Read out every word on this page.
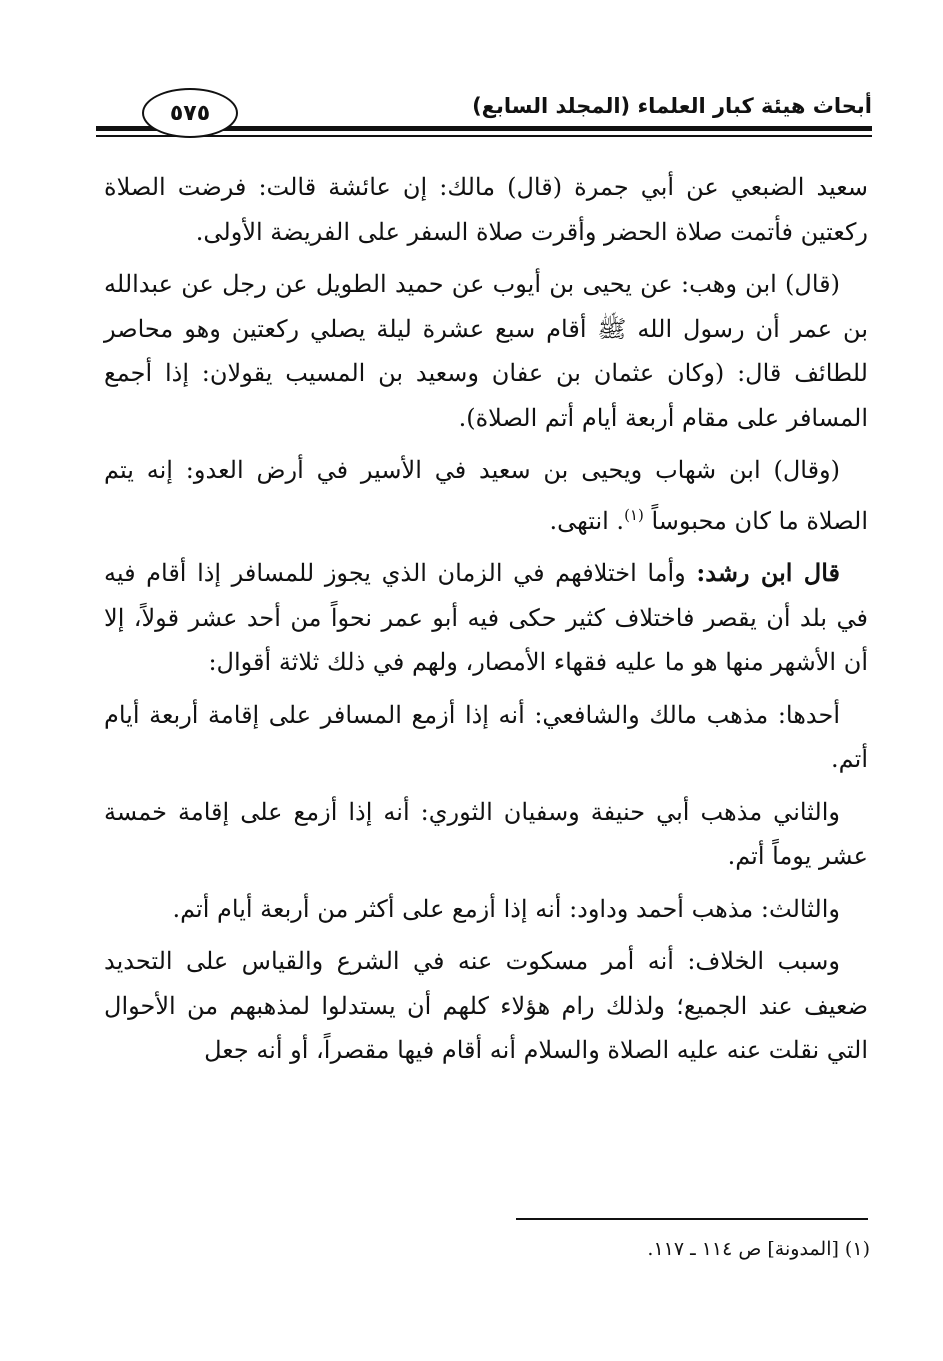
أبحاث هيئة كبار العلماء (المجلد السابع)
٥٧٥

سعيد الضبعي عن أبي جمرة (قال) مالك: إن عائشة قالت: فرضت الصلاة ركعتين فأتمت صلاة الحضر وأقرت صلاة السفر على الفريضة الأولى.

(قال) ابن وهب: عن يحيى بن أيوب عن حميد الطويل عن رجل عن عبدالله بن عمر أن رسول الله ﷺ أقام سبع عشرة ليلة يصلي ركعتين وهو محاصر للطائف قال: (وكان عثمان بن عفان وسعيد بن المسيب يقولان: إذا أجمع المسافر على مقام أربعة أيام أتم الصلاة).

(وقال) ابن شهاب ويحيى بن سعيد في الأسير في أرض العدو: إنه يتم الصلاة ما كان محبوساً $^{(١)}$. انتهى.

قال ابن رشد: وأما اختلافهم في الزمان الذي يجوز للمسافر إذا أقام فيه في بلد أن يقصر فاختلاف كثير حكى فيه أبو عمر نحواً من أحد عشر قولاً، إلا أن الأشهر منها هو ما عليه فقهاء الأمصار، ولهم في ذلك ثلاثة أقوال:

أحدها: مذهب مالك والشافعي: أنه إذا أزمع المسافر على إقامة أربعة أيام أتم.

والثاني مذهب أبي حنيفة وسفيان الثوري: أنه إذا أزمع على إقامة خمسة عشر يوماً أتم.

والثالث: مذهب أحمد وداود: أنه إذا أزمع على أكثر من أربعة أيام أتم.

وسبب الخلاف: أنه أمر مسكوت عنه في الشرع والقياس على التحديد ضعيف عند الجميع؛ ولذلك رام هؤلاء كلهم أن يستدلوا لمذهبهم من الأحوال التي نقلت عنه عليه الصلاة والسلام أنه أقام فيها مقصراً، أو أنه جعل

(١) [المدونة] ص ١١٤ ـ ١١٧.
